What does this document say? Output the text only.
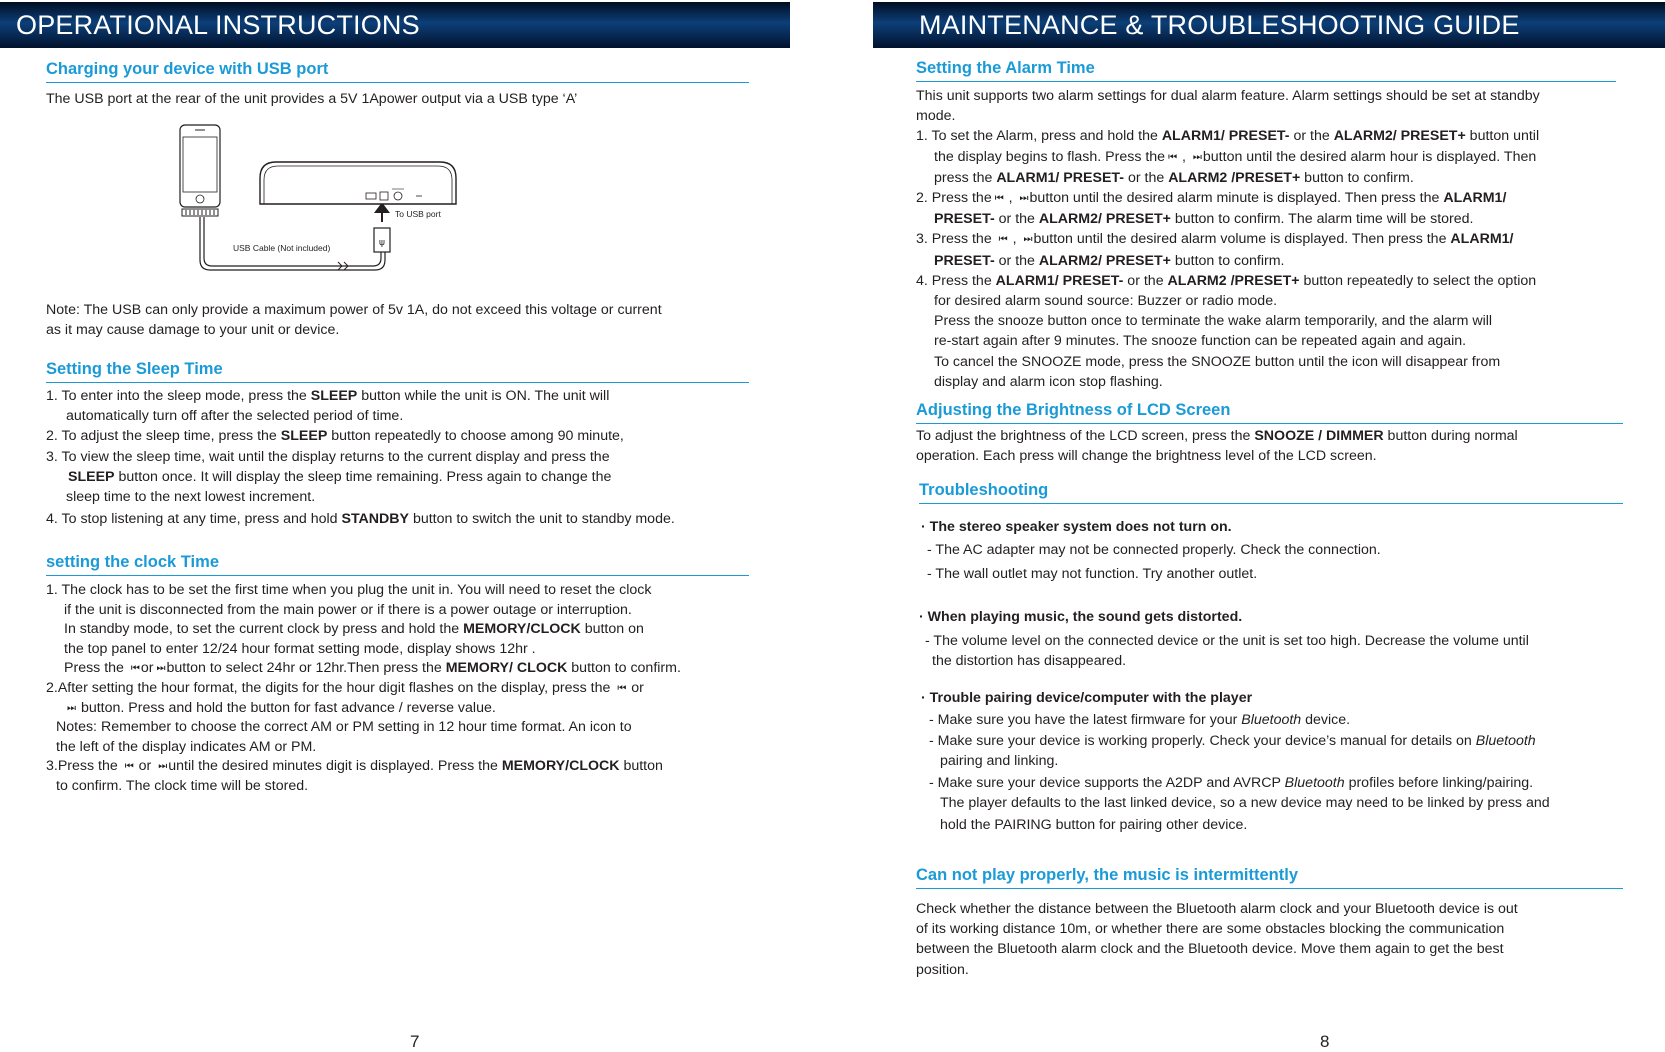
OPERATIONAL INSTRUCTIONS

Charging your device with USB port

The USB port at the rear of the unit provides a 5V 1Apower output via a USB type ‘A’

ψ
To USB port
USB Cable (Not included)

Note: The USB can only provide a maximum power of 5v 1A, do not exceed this voltage or current
as it may cause damage to your unit or device.

Setting the Sleep Time

1. To enter into the sleep mode, press the SLEEP button while the unit is ON. The unit will
automatically turn off after the selected period of time.
2. To adjust the sleep time, press the SLEEP button repeatedly to choose among 90 minute,
3. To view the sleep time, wait until the display returns to the current display and press the
SLEEP button once. It will display the sleep time remaining. Press again to change the
sleep time to the next lowest increment.
4. To stop listening at any time, press and hold STANDBY button to switch the unit to standby mode.

setting the clock Time

1. The clock has to be set the first time when you plug the unit in. You will need to reset the clock
if the unit is disconnected from the main power or if there is a power outage or interruption.
In standby mode, to set the current clock by press and hold the MEMORY/CLOCK button on
the top panel to enter 12/24 hour format setting mode, display shows 12hr .
Press the ⏮ or ⏭ button to select 24hr or 12hr.Then press the MEMORY/ CLOCK button to confirm.
2.After setting the hour format, the digits for the hour digit flashes on the display, press the ⏮ or
⏭ button. Press and hold the button for fast advance / reverse value.
Notes: Remember to choose the correct AM or PM setting in 12 hour time format. An icon to
the left of the display indicates AM or PM.
3.Press the ⏮ or ⏭ until the desired minutes digit is displayed. Press the MEMORY/CLOCK button
to confirm. The clock time will be stored.

7
MAINTENANCE & TROUBLESHOOTING GUIDE

Setting the Alarm Time

This unit supports two alarm settings for dual alarm feature. Alarm settings should be set at standby
mode.
1. To set the Alarm, press and hold the ALARM1/ PRESET- or the ALARM2/ PRESET+ button until
the display begins to flash. Press the ⏮ , ⏭ button until the desired alarm hour is displayed. Then
press the ALARM1/ PRESET- or the ALARM2 /PRESET+ button to confirm.
2. Press the ⏮ , ⏭ button until the desired alarm minute is displayed. Then press the ALARM1/
PRESET- or the ALARM2/ PRESET+ button to confirm. The alarm time will be stored.
3. Press the ⏮ , ⏭ button until the desired alarm volume is displayed. Then press the ALARM1/
PRESET- or the ALARM2/ PRESET+ button to confirm.
4. Press the ALARM1/ PRESET- or the ALARM2 /PRESET+ button repeatedly to select the option
for desired alarm sound source: Buzzer or radio mode.
Press the snooze button once to terminate the wake alarm temporarily, and the alarm will
re-start again after 9 minutes. The snooze function can be repeated again and again.
To cancel the SNOOZE mode, press the SNOOZE button until the icon will disappear from
display and alarm icon stop flashing.

Adjusting the Brightness of LCD Screen

To adjust the brightness of the LCD screen, press the SNOOZE / DIMMER button during normal
operation. Each press will change the brightness level of the LCD screen.

Troubleshooting

· The stereo speaker system does not turn on.
- The AC adapter may not be connected properly. Check the connection.
- The wall outlet may not function. Try another outlet.
· When playing music, the sound gets distorted.
- The volume level on the connected device or the unit is set too high. Decrease the volume until
the distortion has disappeared.
· Trouble pairing device/computer with the player
- Make sure you have the latest firmware for your Bluetooth device.
- Make sure your device is working properly. Check your device’s manual for details on Bluetooth
pairing and linking.
- Make sure your device supports the A2DP and AVRCP Bluetooth profiles before linking/pairing.
The player defaults to the last linked device, so a new device may need to be linked by press and
hold the PAIRING button for pairing other device.

Can not play properly, the music is intermittently

Check whether the distance between the Bluetooth alarm clock and your Bluetooth device is out
of its working distance 10m, or whether there are some obstacles blocking the communication
between the Bluetooth alarm clock and the Bluetooth device. Move them again to get the best
position.

8
